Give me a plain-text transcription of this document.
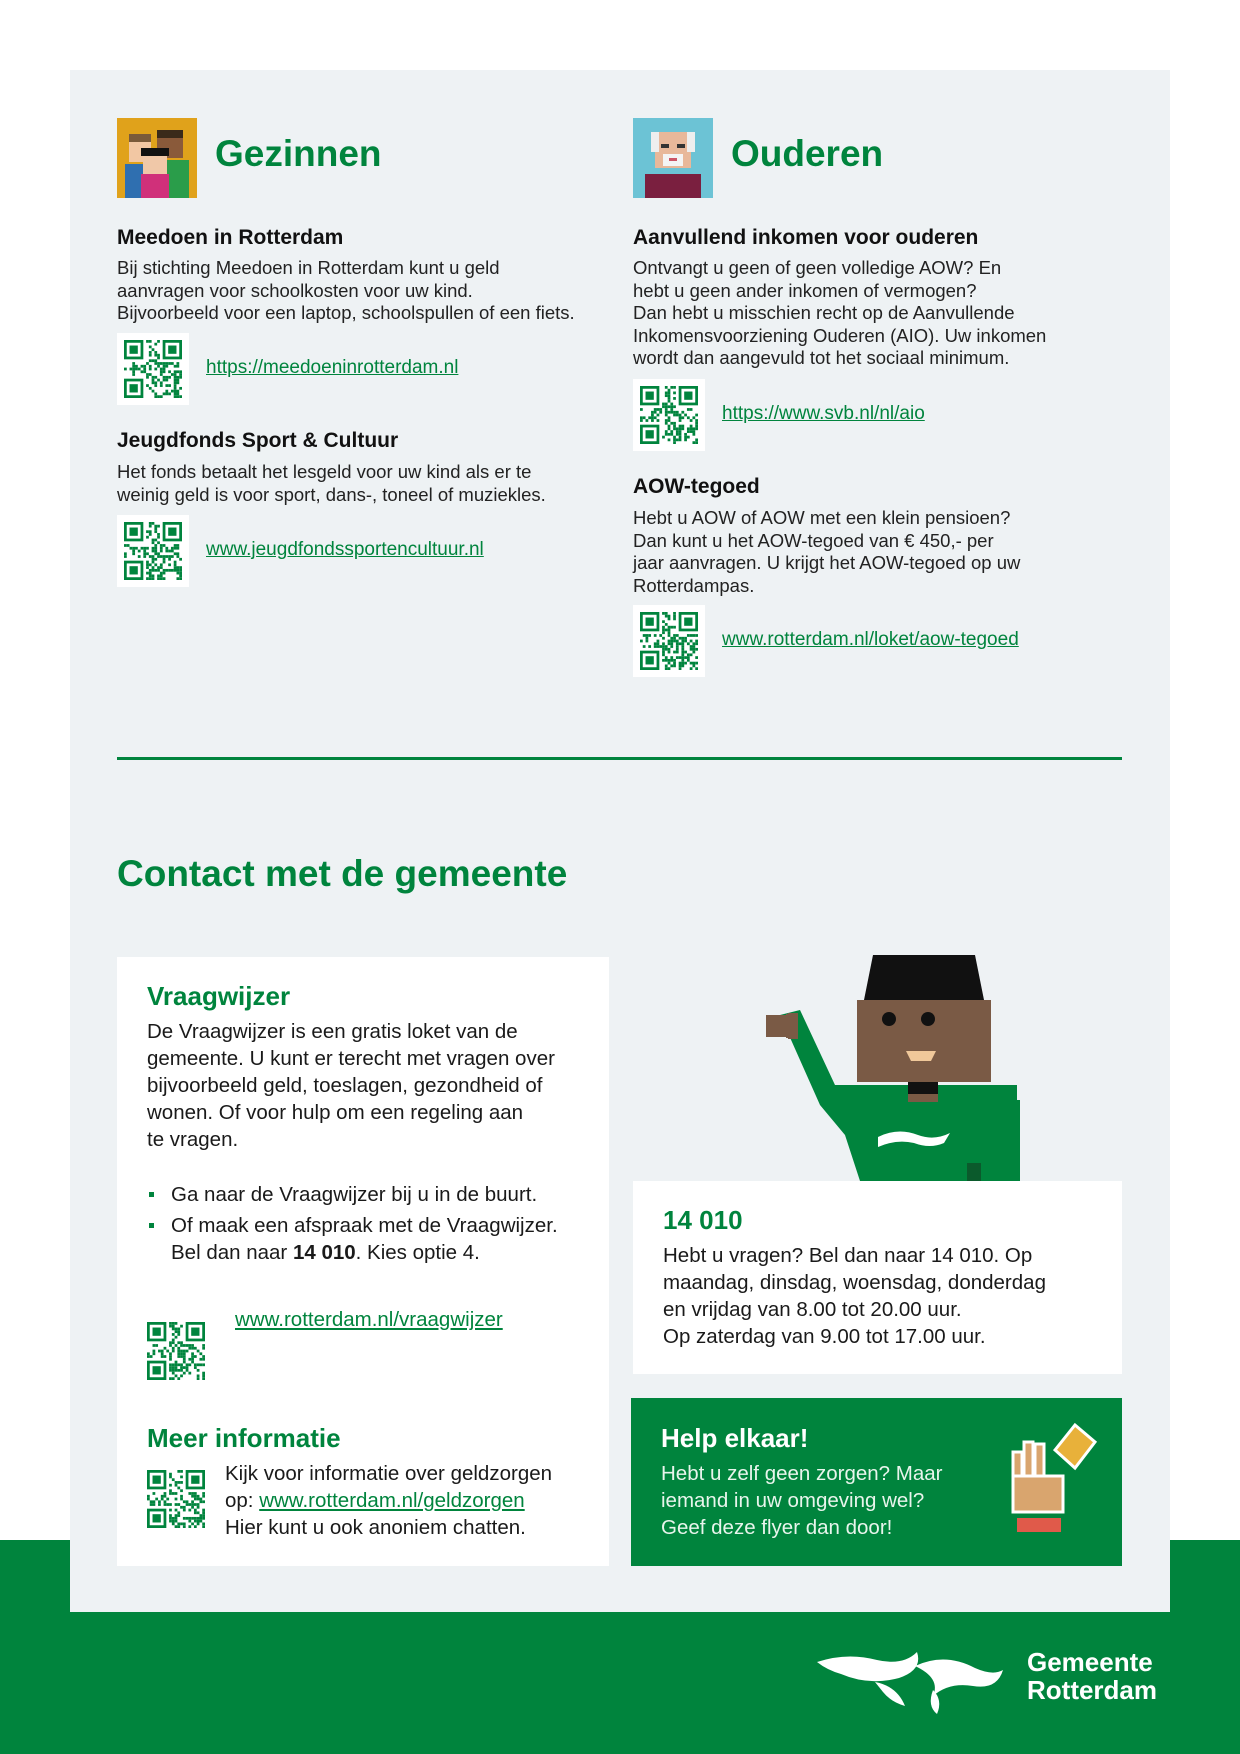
Gezinnen
Meedoen in Rotterdam

Bij stichting Meedoen in Rotterdam kunt u geld
aanvragen voor schoolkosten voor uw kind.
Bijvoorbeeld voor een laptop, schoolspullen of een fiets.

https://meedoeninrotterdam.nl
Jeugdfonds Sport & Cultuur

Het fonds betaalt het lesgeld voor uw kind als er te
weinig geld is voor sport, dans-, toneel of muziekles.

www.jeugdfondssportencultuur.nl
Ouderen
Aanvullend inkomen voor ouderen

Ontvangt u geen of geen volledige AOW? En
hebt u geen ander inkomen of vermogen?
Dan hebt u misschien recht op de Aanvullende
Inkomensvoorziening Ouderen (AIO). Uw inkomen
wordt dan aangevuld tot het sociaal minimum.

https://www.svb.nl/nl/aio
AOW-tegoed

Hebt u AOW of AOW met een klein pensioen?
Dan kunt u het AOW-tegoed van € 450,- per
jaar aanvragen. U krijgt het AOW-tegoed op uw
Rotterdampas.

www.rotterdam.nl/loket/aow-tegoed
Contact met de gemeente
Vraagwijzer

De Vraagwijzer is een gratis loket van de
gemeente. U kunt er terecht met vragen over
bijvoorbeeld geld, toeslagen, gezondheid of
wonen. Of voor hulp om een regeling aan
te vragen.

Ga naar de Vraagwijzer bij u in de buurt.
Of maak een afspraak met de Vraagwijzer.
Bel dan naar 14 010. Kies optie 4.
www.rotterdam.nl/vraagwijzer
Meer informatie

Kijk voor informatie over geldzorgen
op: www.rotterdam.nl/geldzorgen
Hier kunt u ook anoniem chatten.

14 010

Hebt u vragen? Bel dan naar 14 010. Op
maandag, dinsdag, woensdag, donderdag
en vrijdag van 8.00 tot 20.00 uur.
Op zaterdag van 9.00 tot 17.00 uur.

Help elkaar!

Hebt u zelf geen zorgen? Maar
iemand in uw omgeving wel?
Geef deze flyer dan door!

Gemeente
Rotterdam
